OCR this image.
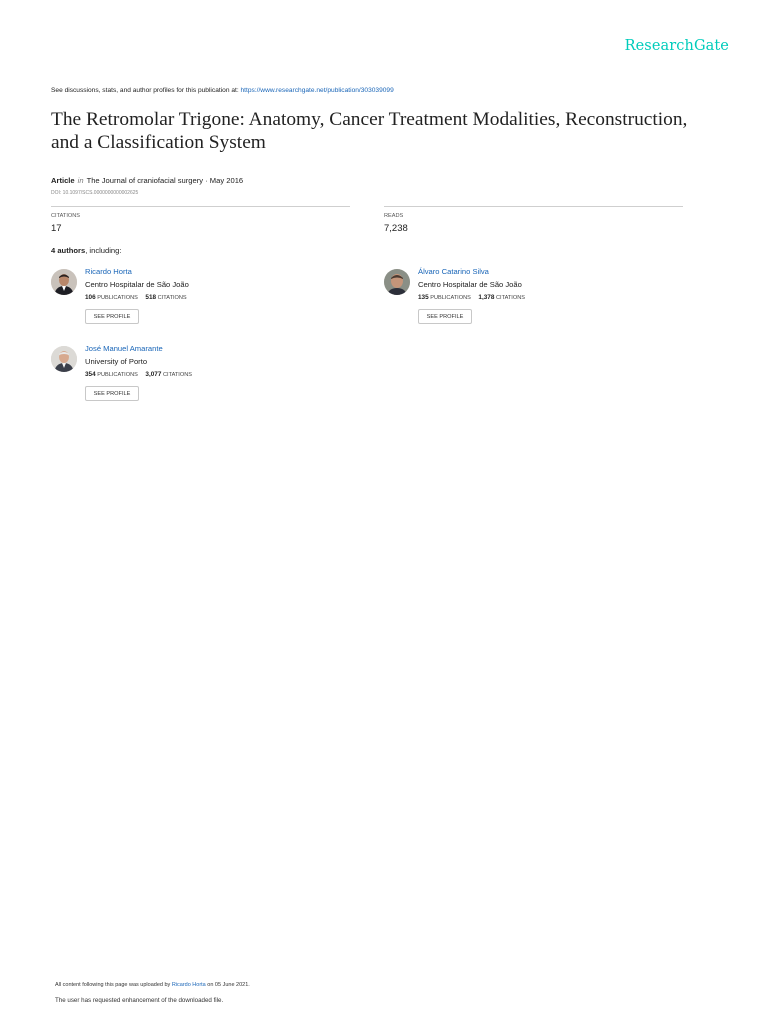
ResearchGate
See discussions, stats, and author profiles for this publication at: https://www.researchgate.net/publication/303039099
The Retromolar Trigone: Anatomy, Cancer Treatment Modalities, Reconstruction, and a Classification System
Article in The Journal of craniofacial surgery · May 2016
DOI: 10.1097/SCS.0000000000002625
CITATIONS
17
READS
7,238
4 authors, including:
Ricardo Horta
Centro Hospitalar de São João
106 PUBLICATIONS 518 CITATIONS
SEE PROFILE
Álvaro Catarino Silva
Centro Hospitalar de São João
135 PUBLICATIONS 1,378 CITATIONS
SEE PROFILE
José Manuel Amarante
University of Porto
354 PUBLICATIONS 3,077 CITATIONS
SEE PROFILE
All content following this page was uploaded by Ricardo Horta on 05 June 2021.
The user has requested enhancement of the downloaded file.
